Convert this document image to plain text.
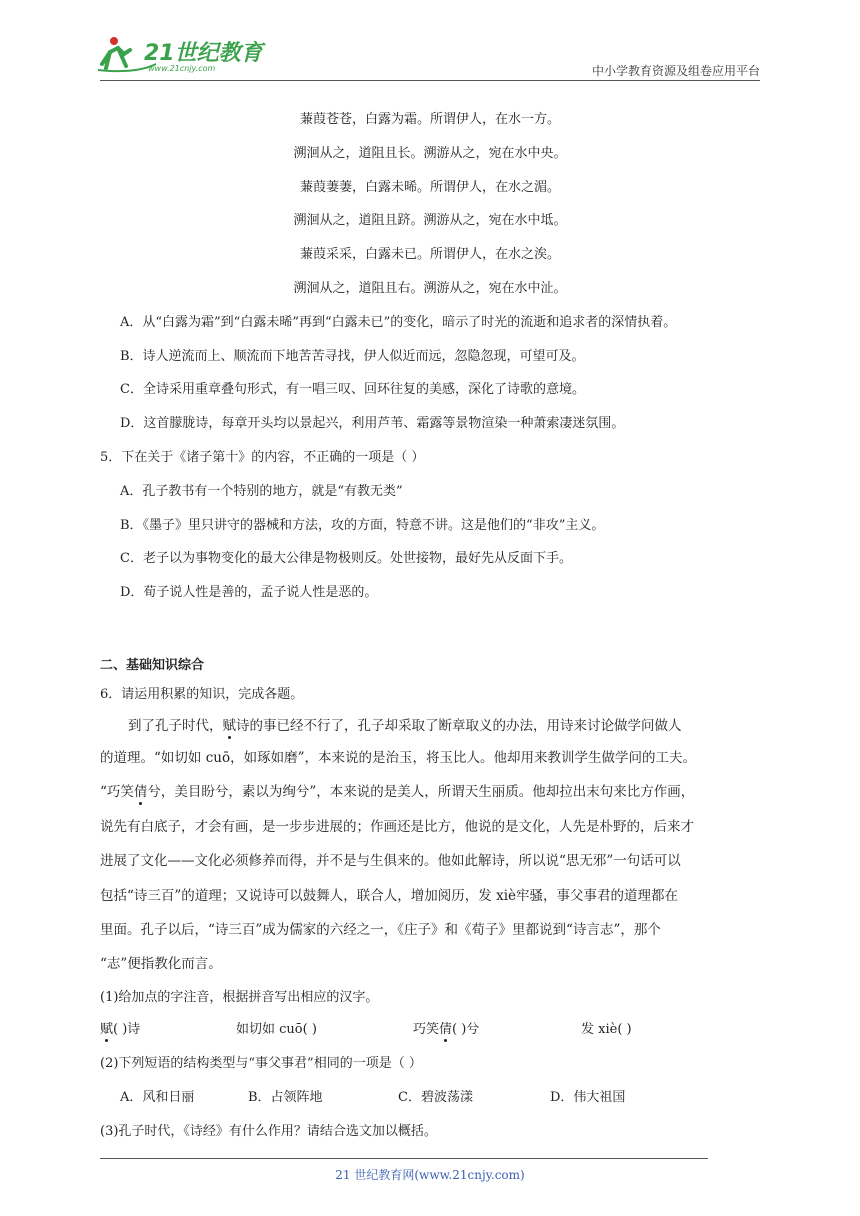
21世纪教育
www.21cnjy.com	中小学教育资源及组卷应用平台
蒹葭苍苍，白露为霜。所谓伊人，在水一方。
溯洄从之，道阻且长。溯游从之，宛在水中央。
蒹葭萋萋，白露未晞。所谓伊人，在水之湄。
溯洄从之，道阻且跻。溯游从之，宛在水中坻。
蒹葭采采，白露未已。所谓伊人，在水之涘。
溯洄从之，道阻且右。溯游从之，宛在水中沚。
A．从“白露为霜”到“白露未晞”再到“白露未已”的变化，暗示了时光的流逝和追求者的深情执着。
B．诗人逆流而上、顺流而下地苦苦寻找，伊人似近而远，忽隐忽现，可望可及。
C．全诗采用重章叠句形式，有一唱三叹、回环往复的美感，深化了诗歌的意境。
D．这首朦胧诗，每章开头均以景起兴，利用芦苇、霜露等景物渲染一种萧索凄迷氛围。
5．下在关于《诸子第十》的内容，不正确的一项是（ ）
A．孔子教书有一个特别的地方，就是“有教无类”
B．《墨子》里只讲守的器械和方法，攻的方面，特意不讲。这是他们的“非攻”主义。
C．老子以为事物变化的最大公律是物极则反。处世接物，最好先从反面下手。
D．荀子说人性是善的，孟子说人性是恶的。
二、基础知识综合
6．请运用积累的知识，完成各题。
到了孔子时代，赋诗的事已经不行了，孔子却采取了断章取义的办法，用诗来讨论做学问做人
的道理。“如切如 cuō，如琢如磨”，本来说的是治玉，将玉比人。他却用来教训学生做学问的工夫。
“巧笑倩兮，美目盼兮，素以为绚兮”，本来说的是美人，所谓天生丽质。他却拉出末句来比方作画，
说先有白底子，才会有画，是一步步进展的；作画还是比方，他说的是文化，人先是朴野的，后来才
进展了文化——文化必须修养而得，并不是与生俱来的。他如此解诗，所以说“思无邪”一句话可以
包括“诗三百”的道理；又说诗可以鼓舞人，联合人，增加阅历，发 xiè牢骚，事父事君的道理都在
里面。孔子以后，“诗三百”成为儒家的六经之一，《庄子》和《荀子》里都说到“诗言志”，那个
“志”便指教化而言。
(1)给加点的字注音，根据拼音写出相应的汉字。
赋( )诗	如切如 cuō( )	巧笑倩( )兮	发 xiè( )
(2)下列短语的结构类型与“事父事君”相同的一项是（ ）
A．风和日丽	B．占领阵地	C．碧波荡漾	D．伟大祖国
(3)孔子时代，《诗经》有什么作用？请结合选文加以概括。
21 世纪教育网(www.21cnjy.com)
